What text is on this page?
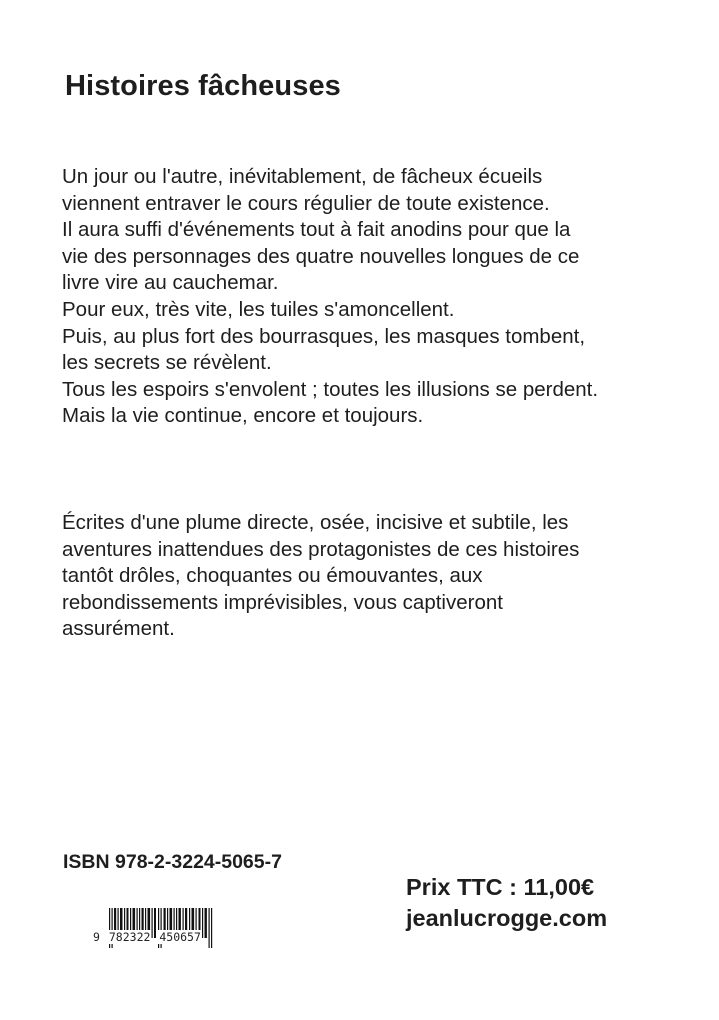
Histoires fâcheuses

Un jour ou l'autre, inévitablement, de fâcheux écueils
viennent entraver le cours régulier de toute existence.
Il aura suffi d'événements tout à fait anodins pour que la
vie des personnages des quatre nouvelles longues de ce
livre vire au cauchemar.
Pour eux, très vite, les tuiles s'amoncellent.
Puis, au plus fort des bourrasques, les masques tombent,
les secrets se révèlent.
Tous les espoirs s'envolent ; toutes les illusions se perdent.
Mais la vie continue, encore et toujours.

Écrites d'une plume directe, osée, incisive et subtile, les
aventures inattendues des protagonistes de ces histoires
tantôt drôles, choquantes ou émouvantes, aux
rebondissements imprévisibles, vous captiveront
assurément.

ISBN 978-2-3224-5065-7

9 782322 450657

Prix TTC : 11,00€

jeanlucrogge.com
